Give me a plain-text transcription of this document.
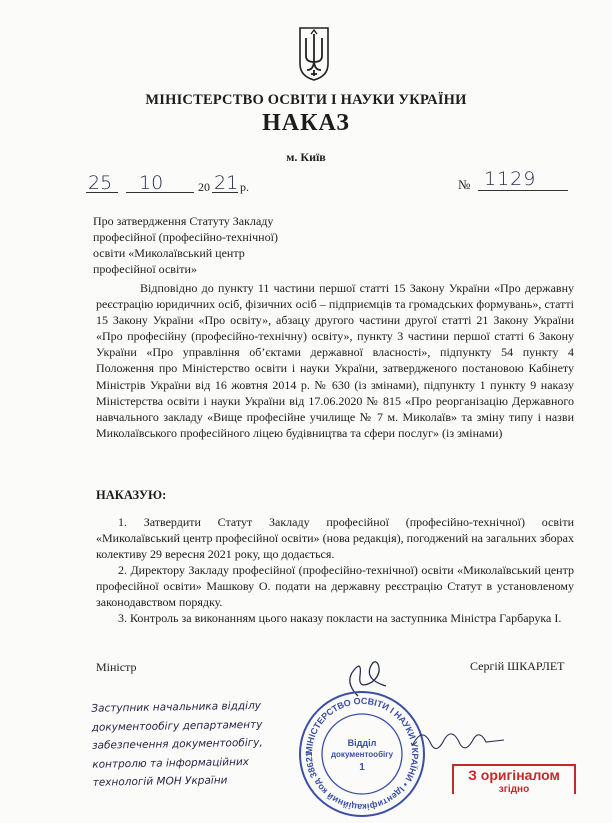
МІНІСТЕРСТВО ОСВІТИ І НАУКИ УКРАЇНИ
НАКАЗ
м. Київ
25 10	20 21 р.	№ 1129
Про затвердження Статуту Закладу
професійної (професійно-технічної)
освіти «Миколаївський центр
професійної освіти»

Відповідно до пункту 11 частини першої статті 15 Закону України «Про державну реєстрацію юридичних осіб, фізичних осіб – підприємців та громадських формувань», статті 15 Закону України «Про освіту», абзацу другого частини другої статті 21 Закону України «Про професійну (професійно-технічну) освіту», пункту 3 частини першої статті 6 Закону України «Про управління об’єктами державної власності», підпункту 54 пункту 4 Положення про Міністерство освіти і науки України, затвердженого постановою Кабінету Міністрів України від 16 жовтня 2014 р. № 630 (із змінами), підпункту 1 пункту 9 наказу Міністерства освіти і науки України від 17.06.2020 № 815 «Про реорганізацію Державного навчального закладу «Вище професійне училище № 7 м. Миколаїв» та зміну типу і назви Миколаївського професійного ліцею будівництва та сфери послуг» (із змінами)

НАКАЗУЮ:

1. Затвердити Статут Закладу професійної (професійно-технічної) освіти «Миколаївський центр професійної освіти» (нова редакція), погоджений на загальних зборах колективу 29 вересня 2021 року, що додається.

2. Директору Закладу професійної (професійно-технічної) освіти «Миколаївський центр професійної освіти» Машкову О. подати на державну реєстрацію Статут в установленому законодавством порядку.

3. Контроль за виконанням цього наказу покласти на заступника Міністра Гарбарука І.

Міністр	Сергій ШКАРЛЕТ
Заступник начальника відділу
документообігу департаменту
забезпечення документообігу,
контролю та інформаційних
технологій МОН України
МІНІСТЕРСТВО ОСВІТИ І НАУКИ УКРАЇНИ • Ідентифікаційний код 38621
Відділ
документообігу
1	З оригіналом
згідно
